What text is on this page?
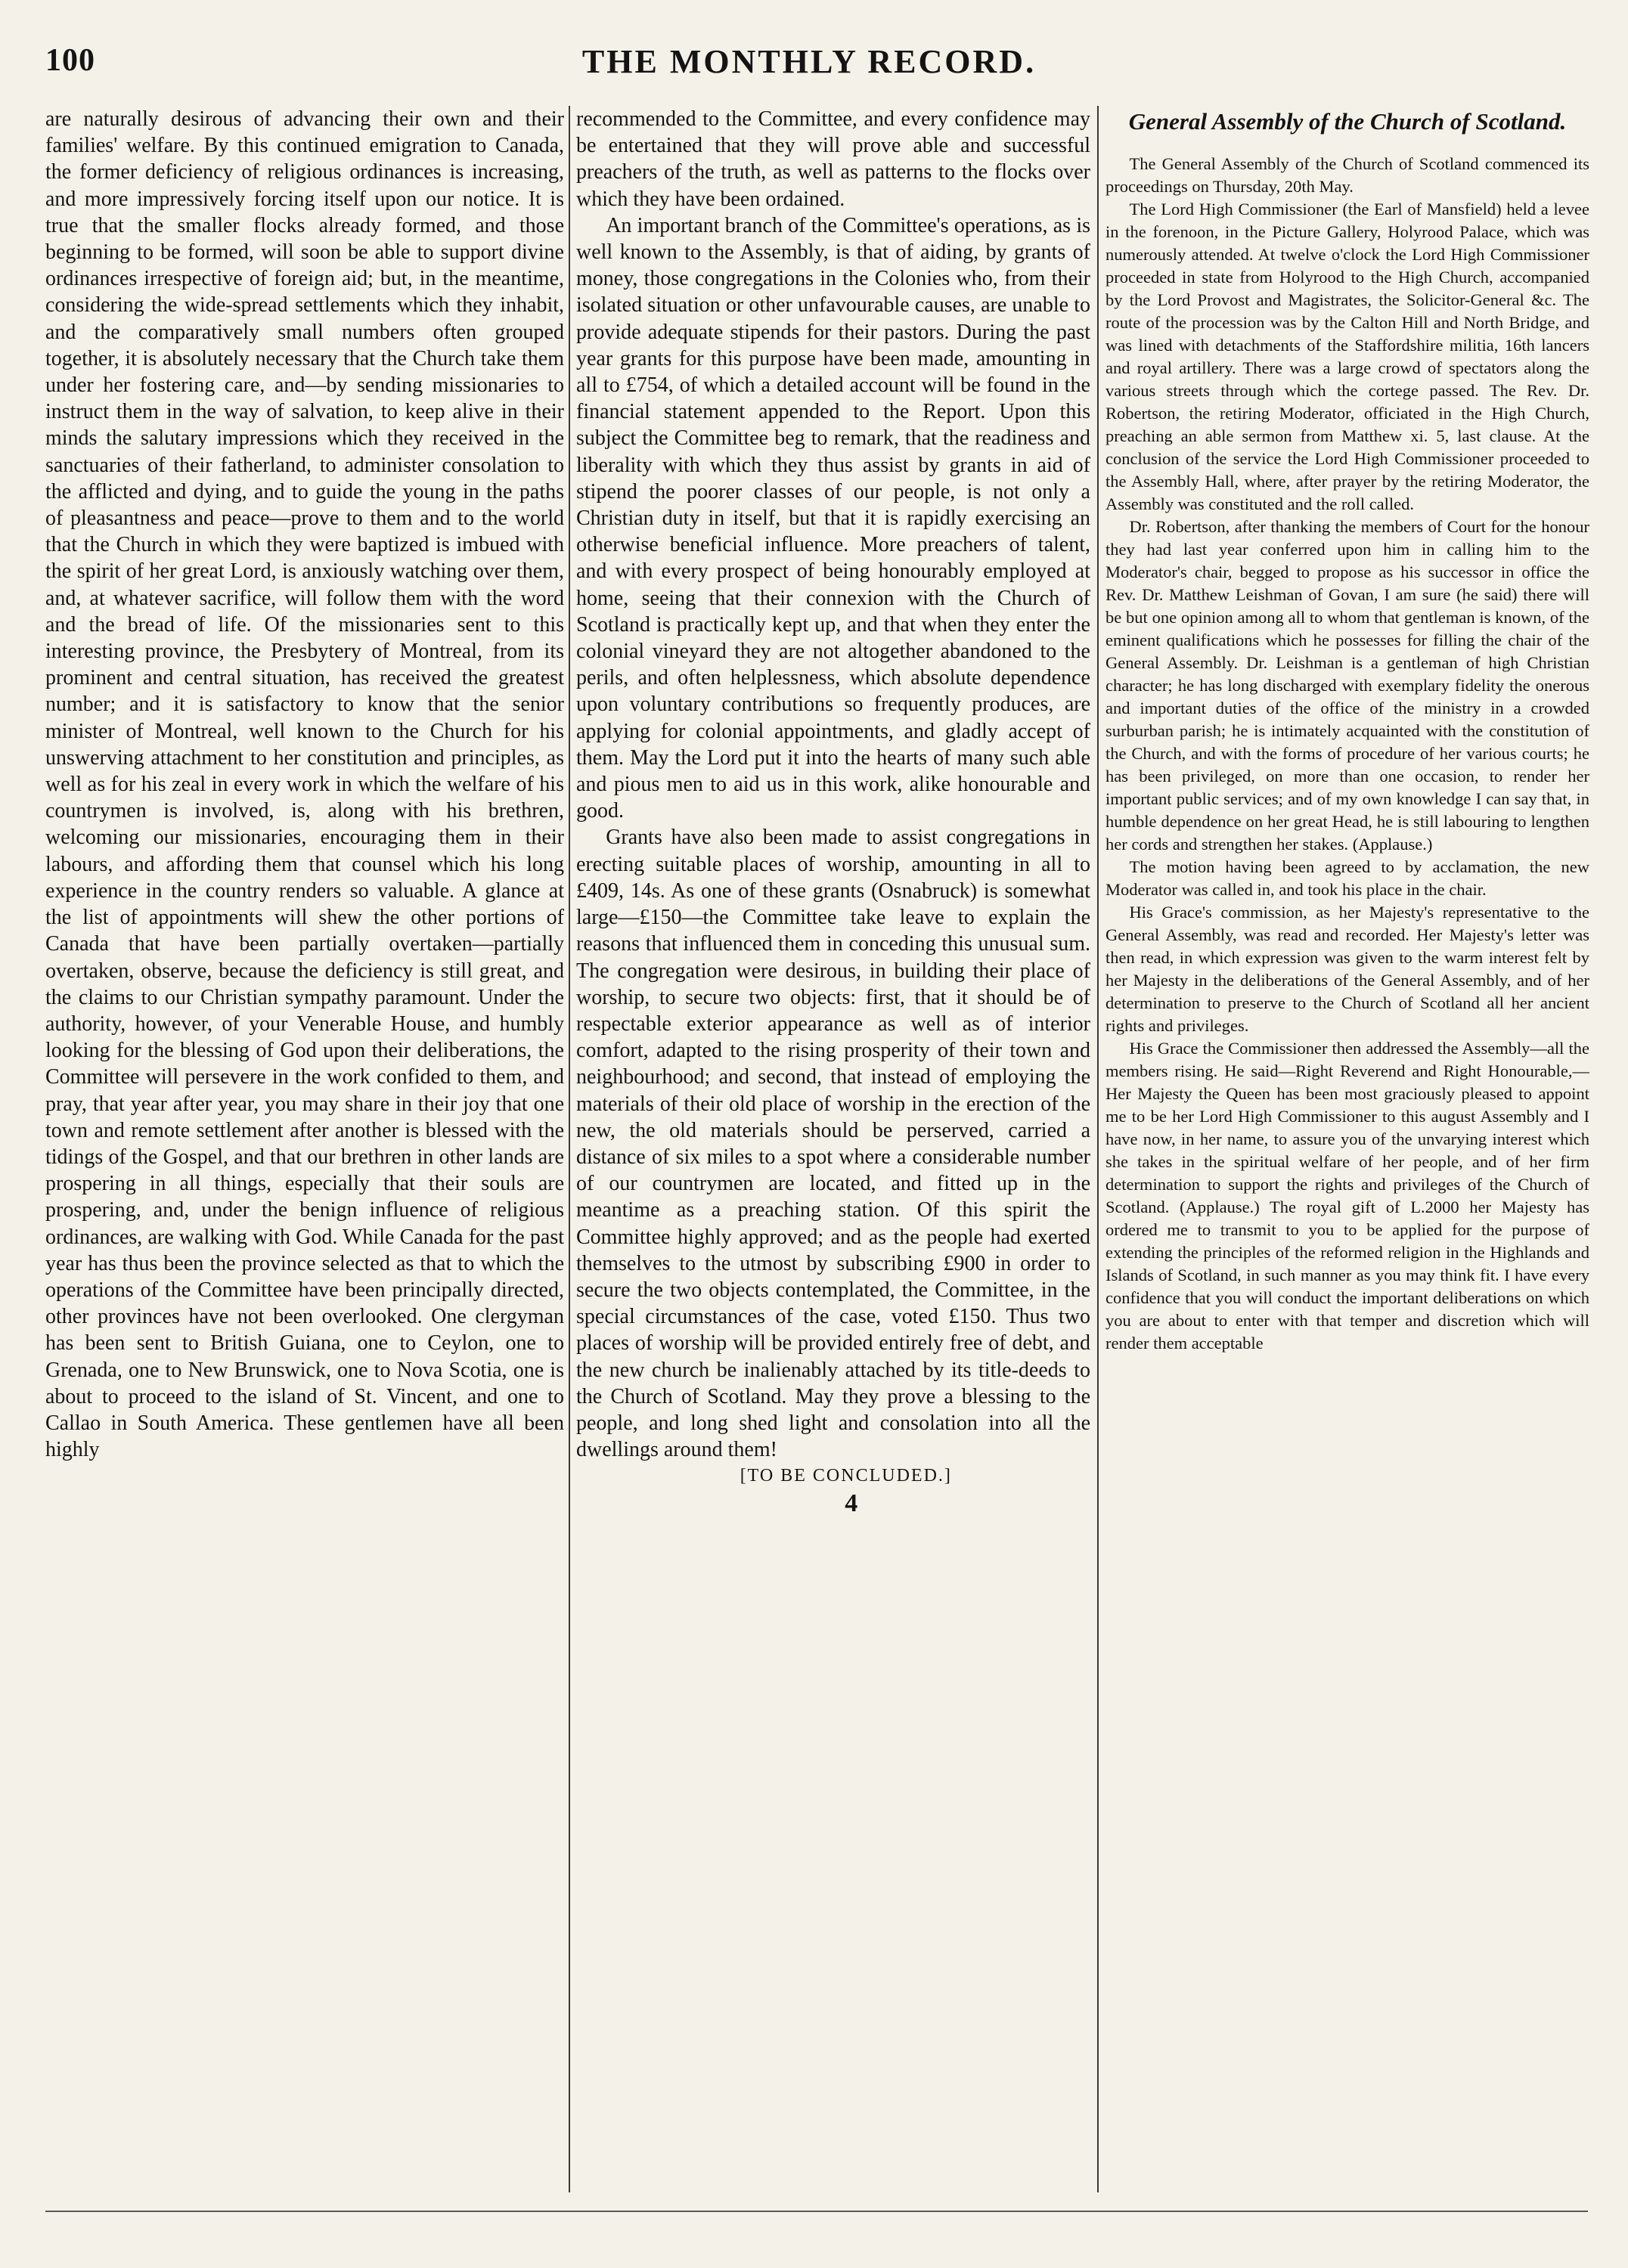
100	THE MONTHLY RECORD.

are naturally desirous of advancing their own and their families' welfare. By this continued emigration to Canada, the former deficiency of religious ordinances is increasing, and more impressively forcing itself upon our notice. It is true that the smaller flocks already formed, and those beginning to be formed, will soon be able to support divine ordinances irrespective of foreign aid; but, in the meantime, considering the wide-spread settlements which they inhabit, and the comparatively small numbers often grouped together, it is absolutely necessary that the Church take them under her fostering care, and—by sending missionaries to instruct them in the way of salvation, to keep alive in their minds the salutary impressions which they received in the sanctuaries of their fatherland, to administer consolation to the afflicted and dying, and to guide the young in the paths of pleasantness and peace—prove to them and to the world that the Church in which they were baptized is imbued with the spirit of her great Lord, is anxiously watching over them, and, at whatever sacrifice, will follow them with the word and the bread of life. Of the missionaries sent to this interesting province, the Presbytery of Montreal, from its prominent and central situation, has received the greatest number; and it is satisfactory to know that the senior minister of Montreal, well known to the Church for his unswerving attachment to her constitution and principles, as well as for his zeal in every work in which the welfare of his countrymen is involved, is, along with his brethren, welcoming our missionaries, encouraging them in their labours, and affording them that counsel which his long experience in the country renders so valuable. A glance at the list of appointments will shew the other portions of Canada that have been partially overtaken—partially overtaken, observe, because the deficiency is still great, and the claims to our Christian sympathy paramount. Under the authority, however, of your Venerable House, and humbly looking for the blessing of God upon their deliberations, the Committee will persevere in the work confided to them, and pray, that year after year, you may share in their joy that one town and remote settlement after another is blessed with the tidings of the Gospel, and that our brethren in other lands are prospering in all things, especially that their souls are prospering, and, under the benign influence of religious ordinances, are walking with God. While Canada for the past year has thus been the province selected as that to which the operations of the Committee have been principally directed, other provinces have not been overlooked. One clergyman has been sent to British Guiana, one to Ceylon, one to Grenada, one to New Brunswick, one to Nova Scotia, one is about to proceed to the island of St. Vincent, and one to Callao in South America. These gentlemen have all been highly

recommended to the Committee, and every confidence may be entertained that they will prove able and successful preachers of the truth, as well as patterns to the flocks over which they have been ordained.

An important branch of the Committee's operations, as is well known to the Assembly, is that of aiding, by grants of money, those congregations in the Colonies who, from their isolated situation or other unfavourable causes, are unable to provide adequate stipends for their pastors. During the past year grants for this purpose have been made, amounting in all to £754, of which a detailed account will be found in the financial statement appended to the Report. Upon this subject the Committee beg to remark, that the readiness and liberality with which they thus assist by grants in aid of stipend the poorer classes of our people, is not only a Christian duty in itself, but that it is rapidly exercising an otherwise beneficial influence. More preachers of talent, and with every prospect of being honourably employed at home, seeing that their connexion with the Church of Scotland is practically kept up, and that when they enter the colonial vineyard they are not altogether abandoned to the perils, and often helplessness, which absolute dependence upon voluntary contributions so frequently produces, are applying for colonial appointments, and gladly accept of them. May the Lord put it into the hearts of many such able and pious men to aid us in this work, alike honourable and good.

Grants have also been made to assist congregations in erecting suitable places of worship, amounting in all to £409, 14s. As one of these grants (Osnabruck) is somewhat large—£150—the Committee take leave to explain the reasons that influenced them in conceding this unusual sum. The congregation were desirous, in building their place of worship, to secure two objects: first, that it should be of respectable exterior appearance as well as of interior comfort, adapted to the rising prosperity of their town and neighbourhood; and second, that instead of employing the materials of their old place of worship in the erection of the new, the old materials should be perserved, carried a distance of six miles to a spot where a considerable number of our countrymen are located, and fitted up in the meantime as a preaching station. Of this spirit the Committee highly approved; and as the people had exerted themselves to the utmost by subscribing £900 in order to secure the two objects contemplated, the Committee, in the special circumstances of the case, voted £150. Thus two places of worship will be provided entirely free of debt, and the new church be inalienably attached by its title-deeds to the Church of Scotland. May they prove a blessing to the people, and long shed light and consolation into all the dwellings around them!

[TO BE CONCLUDED.]

4

General Assembly of the Church of Scotland.

The General Assembly of the Church of Scotland commenced its proceedings on Thursday, 20th May.

The Lord High Commissioner (the Earl of Mansfield) held a levee in the forenoon, in the Picture Gallery, Holyrood Palace, which was numerously attended. At twelve o'clock the Lord High Commissioner proceeded in state from Holyrood to the High Church, accompanied by the Lord Provost and Magistrates, the Solicitor-General &c. The route of the procession was by the Calton Hill and North Bridge, and was lined with detachments of the Staffordshire militia, 16th lancers and royal artillery. There was a large crowd of spectators along the various streets through which the cortege passed. The Rev. Dr. Robertson, the retiring Moderator, officiated in the High Church, preaching an able sermon from Matthew xi. 5, last clause. At the conclusion of the service the Lord High Commissioner proceeded to the Assembly Hall, where, after prayer by the retiring Moderator, the Assembly was constituted and the roll called.

Dr. Robertson, after thanking the members of Court for the honour they had last year conferred upon him in calling him to the Moderator's chair, begged to propose as his successor in office the Rev. Dr. Matthew Leishman of Govan, I am sure (he said) there will be but one opinion among all to whom that gentleman is known, of the eminent qualifications which he possesses for filling the chair of the General Assembly. Dr. Leishman is a gentleman of high Christian character; he has long discharged with exemplary fidelity the onerous and important duties of the office of the ministry in a crowded surburban parish; he is intimately acquainted with the constitution of the Church, and with the forms of procedure of her various courts; he has been privileged, on more than one occasion, to render her important public services; and of my own knowledge I can say that, in humble dependence on her great Head, he is still labouring to lengthen her cords and strengthen her stakes. (Applause.)

The motion having been agreed to by acclamation, the new Moderator was called in, and took his place in the chair.

His Grace's commission, as her Majesty's representative to the General Assembly, was read and recorded. Her Majesty's letter was then read, in which expression was given to the warm interest felt by her Majesty in the deliberations of the General Assembly, and of her determination to preserve to the Church of Scotland all her ancient rights and privileges.

His Grace the Commissioner then addressed the Assembly—all the members rising. He said—Right Reverend and Right Honourable,—Her Majesty the Queen has been most graciously pleased to appoint me to be her Lord High Commissioner to this august Assembly and I have now, in her name, to assure you of the unvarying interest which she takes in the spiritual welfare of her people, and of her firm determination to support the rights and privileges of the Church of Scotland. (Applause.) The royal gift of L.2000 her Majesty has ordered me to transmit to you to be applied for the purpose of extending the principles of the reformed religion in the Highlands and Islands of Scotland, in such manner as you may think fit. I have every confidence that you will conduct the important deliberations on which you are about to enter with that temper and discretion which will render them acceptable
